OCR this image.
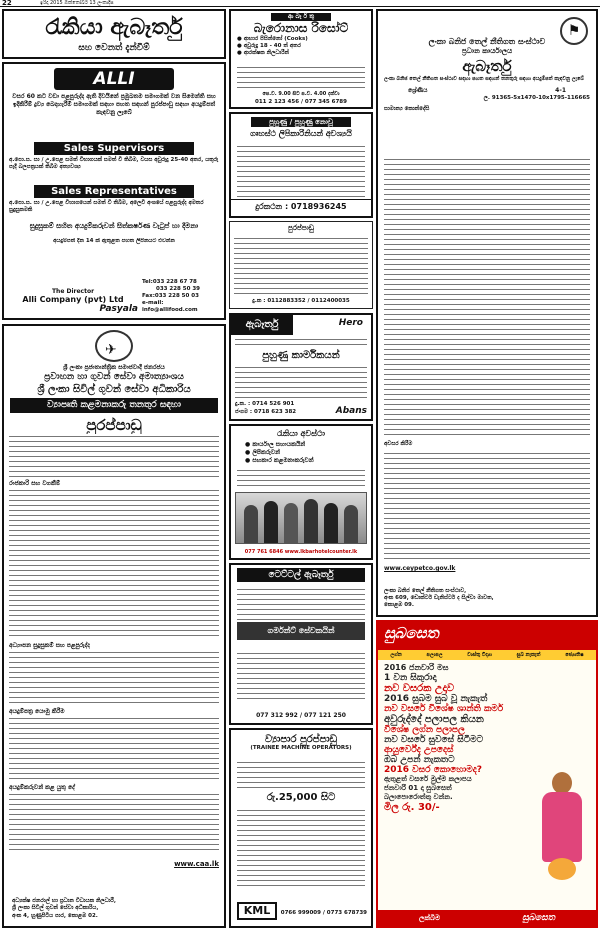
22	ඉරිදා 2015 ඔක්තෝබර් 13 ලංකාදීප
රැකියා ඇබෑර්තු
සහ වෙනත් දැන්වීම්
ALLI
වසර 60 කට වඩා පළපුරුද්ද ඇති දිවයිනේ ප්‍රමුඛතම සමාගමක් වන සිමෙන්ති සහ ඉදිකිරීම් ද්‍රව්‍ය බෙදාහැරීම් සමාගමක් සඳහා පහත සඳහන් පුරප්පාඩු සඳහා අයදුම්පත් කැඳවනු ලැබේ
Sales Supervisors
අ.පො.ස. සා / උ.පෙළ සමත් විභාගයක් සමත් වී තිබීම, වයස අවුරුදු 25-40 අතර, යතුරු පැදි බලපත්‍රයක් තිබීම අත්‍යවශ්‍ය
Sales Representatives
අ.පො.ස. සා / උ.පෙළ විභාගයෙන් සමත් වී තිබීම, අලෙවි අංශයේ පළපුරුද්ද අමතර සුදුසුකමකි
සුදුසුකම් සහිත අයදුම්කරුවන් සිත්කර්ෂණ වැටුප් හා දීමනා
අයදුම්පත් දින 14 ක් ඇතුළත පහත ලිපිනයට එවන්න
The Director
Alli Company (pvt) Ltd
Pasyala
Tel:033 228 67 78
033 228 50 39
Fax:033 228 50 03
e-mail: info@allifood.com
✈
ශ්‍රී ලංකා ප්‍රජාතාන්ත්‍රික සමාජවාදී ජනරජය
ප්‍රවාහන හා ගුවන් සේවා අමාත්‍යාංශය
ශ්‍රී ලංකා සිවිල් ගුවන් සේවා අධිකාරිය
ව්‍යාපෘති කළමනාකරු තනතුර සඳහා
පුරප්පාඩු
රාජකාරි සහ වගකීම්
අධ්‍යාපන සුදුසුකම් සහ පළපුරුද්ද
අයදුම්පත්‍ර යොමු කිරීම
අයදුම්කරුවන් කළ යුතු දේ
www.caa.lk
අධ්‍යක්ෂ ජනරාල් හා ප්‍රධාන විධායක නිලධාරී,
ශ්‍රී ලංකා සිවිල් ගුවන් සේවා අධිකාරිය,
අංක 4, හුණුපිටිය පාර, කොළඹ 02.
ආ බෑ ර් තු
බැරොනාස රිසෝට්
● ආහාර පිසින්නෝ (Cooks)
● අවුරුදු 18 - 40 ත් අතර
● ආරක්ෂක නිලධාරීන්
පෙ.ව. 9.00 සිට ප.ව. 4.00 දක්වා
011 2 123 456 / 077 345 6789
පුහුණු / පුහුණු නොවූ
ගෘහස්ථ ලිපිකාරිනියන් අවශ්‍යයි
දුරකථන : 0718936245
පුරප්පාඩු
දු.ක : 0112883352 / 0112400035
ඇබෑර්තු	Hero
පුහුණු කාර්මිකයන්
දු.ක. : 0714 526 901
ජංගම : 0718 623 382	Abans
රැකියා අවස්ථා
● කාර්යාල සහායකයින්
● ලිපිකරුවන්
● සහකාර කළමනාකරුවන්
077 761 6846 www.lkbarhotelcounter.lk
ටෙට්ටල් ඇබෑර්තු
ගර්මන්ට් සේවකයින්
077 312 992 / 077 121 250
ව්‍යාපාර පුරප්පාඩු
(TRAINEE MACHINE OPERATORS)
රු.25,000 සිට
KML	0766 999009 / 0773 678739
⚑
ලංකා බනිජ තෙල් නීතිගත සංස්ථාව
ප්‍රධාන කාර්යාලය
ඇබෑර්තු
ලංකා බනිජ තෙල් නීතිගත සංස්ථාව සඳහා පහත සඳහන් තනතුරු සඳහා අයදුම්පත් කැඳවනු ලැබේ
ශ්‍රේණිය	4-1
ල. 91365-5x1470-10x1795-116665
සාමාන්‍ය කොන්දේසි
අවසර කිරීම
www.ceypetco.gov.lk
ලංකා බනිජ තෙල් නීතිගත සංස්ථාව,
අංක 609, ඩොක්ටර් ඩැනිස්ටර් ද සිල්වා මාවත,
කොළඹ 09.
සුබසෙත
ලග්න	පලාපල	වාස්තු විද්‍යා	සුබ නැකැත්	ජ්‍යොතිෂ
2016 ජනවාරි මස
1 වන සිකුරාදා
නව වසරක උදාව
2016 සුබම සුබ වූ නැකැත්
නව වසරේ විශේෂ ශාන්ති කර්ම
අවුරුද්දේ පලාපල කියන
විශේෂ ලග්න පලාපල
නව වසරේ සුවසේ සිටීමට
ආයුර්වේද උපදෙස්
ඔබ උපන් නැකතට
2016 වසර කොහොමද?
ඇතුළත් වසරේ මුල්ම කලාපය
ජනවාරි 01 දා සුබසෙත්
බලාපොරොත්තු වන්න.
මිල රු. 30/-
ලක්බිම	සුබසෙත
